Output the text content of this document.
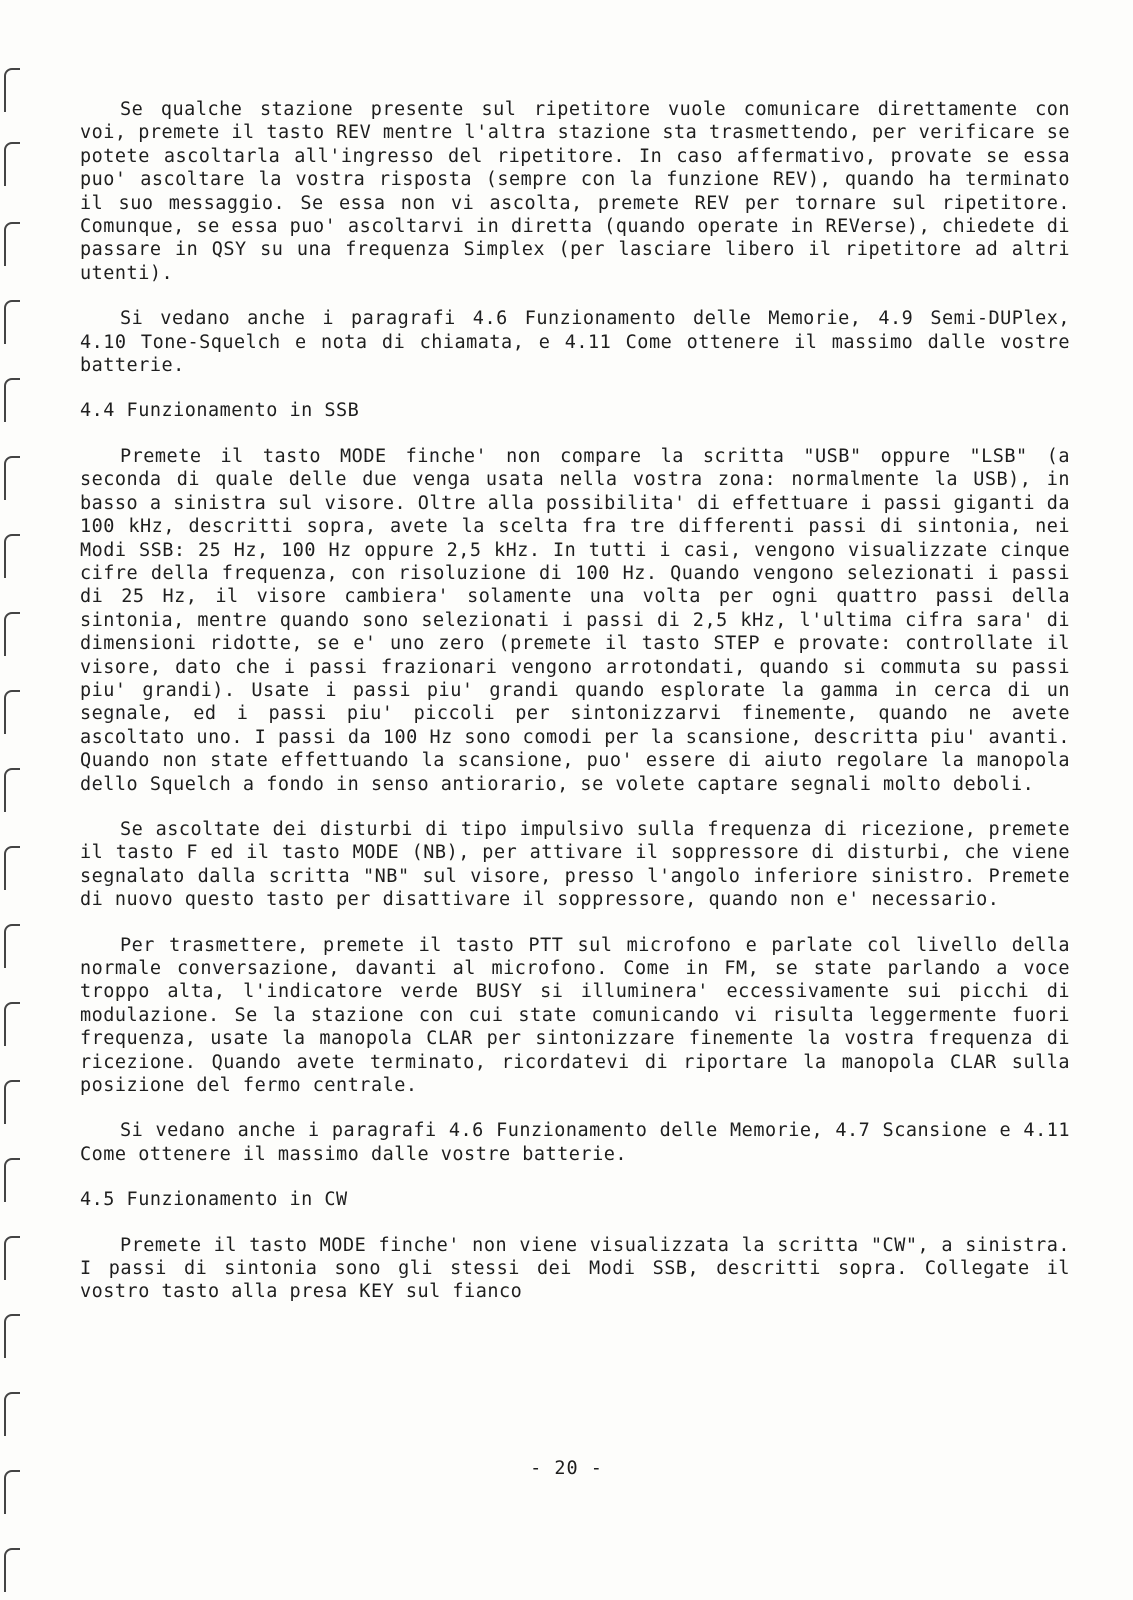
Se qualche stazione presente sul ripetitore vuole comunicare direttamente con voi, premete il tasto REV mentre l'altra stazione sta trasmettendo, per verificare se potete ascoltarla all'ingresso del ripetitore. In caso affermativo, provate se essa puo' ascoltare la vostra risposta (sempre con la funzione REV), quando ha terminato il suo messaggio. Se essa non vi ascolta, premete REV per tornare sul ripetitore. Comunque, se essa puo' ascoltarvi in diretta (quando operate in REVerse), chiedete di passare in QSY su una frequenza Simplex (per lasciare libero il ripetitore ad altri utenti).

Si vedano anche i paragrafi 4.6 Funzionamento delle Memorie, 4.9 Semi-DUPlex, 4.10 Tone-Squelch e nota di chiamata, e 4.11 Come ottenere il massimo dalle vostre batterie.

4.4 Funzionamento in SSB

Premete il tasto MODE finche' non compare la scritta "USB" oppure "LSB" (a seconda di quale delle due venga usata nella vostra zona: normalmente la USB), in basso a sinistra sul visore. Oltre alla possibilita' di effettuare i passi giganti da 100 kHz, descritti sopra, avete la scelta fra tre differenti passi di sintonia, nei Modi SSB: 25 Hz, 100 Hz oppure 2,5 kHz. In tutti i casi, vengono visualizzate cinque cifre della frequenza, con risoluzione di 100 Hz. Quando vengono selezionati i passi di 25 Hz, il visore cambiera' solamente una volta per ogni quattro passi della sintonia, mentre quando sono selezionati i passi di 2,5 kHz, l'ultima cifra sara' di dimensioni ridotte, se e' uno zero (premete il tasto STEP e provate: controllate il visore, dato che i passi frazionari vengono arrotondati, quando si commuta su passi piu' grandi). Usate i passi piu' grandi quando esplorate la gamma in cerca di un segnale, ed i passi piu' piccoli per sintonizzarvi finemente, quando ne avete ascoltato uno. I passi da 100 Hz sono comodi per la scansione, descritta piu' avanti. Quando non state effettuando la scansione, puo' essere di aiuto regolare la manopola dello Squelch a fondo in senso antiorario, se volete captare segnali molto deboli.

Se ascoltate dei disturbi di tipo impulsivo sulla frequenza di ricezione, premete il tasto F ed il tasto MODE (NB), per attivare il soppressore di disturbi, che viene segnalato dalla scritta "NB" sul visore, presso l'angolo inferiore sinistro. Premete di nuovo questo tasto per disattivare il soppressore, quando non e' necessario.

Per trasmettere, premete il tasto PTT sul microfono e parlate col livello della normale conversazione, davanti al microfono. Come in FM, se state parlando a voce troppo alta, l'indicatore verde BUSY si illuminera' eccessivamente sui picchi di modulazione. Se la stazione con cui state comunicando vi risulta leggermente fuori frequenza, usate la manopola CLAR per sintonizzare finemente la vostra frequenza di ricezione. Quando avete terminato, ricordatevi di riportare la manopola CLAR sulla posizione del fermo centrale.

Si vedano anche i paragrafi 4.6 Funzionamento delle Memorie, 4.7 Scansione e 4.11 Come ottenere il massimo dalle vostre batterie.

4.5 Funzionamento in CW

Premete il tasto MODE finche' non viene visualizzata la scritta "CW", a sinistra. I passi di sintonia sono gli stessi dei Modi SSB, descritti sopra. Collegate il vostro tasto alla presa KEY sul fianco

- 20 -
